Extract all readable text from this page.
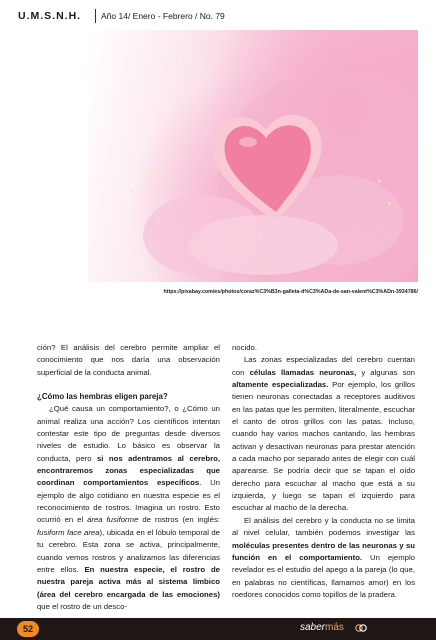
U.M.S.N.H. Año 14/ Enero - Febrero / No. 79
https://pixabay.com/es/photos/coraz%C3%B3n-galleta-d%C3%ADa-de-san-valent%C3%ADn-3934786/

ción? El análisis del cerebro permite ampliar el conocimiento que nos daría una observación superficial de la conducta animal.

¿Cómo las hembras eligen pareja?

¿Qué causa un comportamiento?, o ¿Cómo un animal realiza una acción? Los científicos intentan contestar este tipo de preguntas desde diversos niveles de estudio. Lo básico es observar la conducta, pero si nos adentramos al cerebro, encontraremos zonas especializadas que coordinan comportamientos específicos. Un ejemplo de algo cotidiano en nuestra especie es el reconocimiento de rostros. Imagina un rostro. Esto ocurrió en el área fusiforme de rostros (en inglés: fusiform face area), ubicada en el lóbulo temporal de tu cerebro. Esta zona se activa, principalmente, cuando vemos rostros y analizamos las diferencias entre ellos. En nuestra especie, el rostro de nuestra pareja activa más al sistema límbico (área del cerebro encargada de las emociones) que el rostro de un desco-

nocido.

Las zonas especializadas del cerebro cuentan con células llamadas neuronas, y algunas son altamente especializadas. Por ejemplo, los grillos tienen neuronas conectadas a receptores auditivos en las patas que les permiten, literalmente, escuchar el canto de otros grillos con las patas. Incluso, cuando hay varios machos cantando, las hembras activan y desactivan neuronas para prestar atención a cada macho por separado antes de elegir con cuál aparearse. Se podría decir que se tapan el oído derecho para escuchar al macho que está a su izquierda, y luego se tapan el izquierdo para escuchar al macho de la derecha.

El análisis del cerebro y la conducta no se limita al nivel celular, también podemos investigar las moléculas presentes dentro de las neuronas y su función en el comportamiento. Un ejemplo revelador es el estudio del apego a la pareja (lo que, en palabras no científicas, llamamos amor) en los roedores conocidos como topillos de la pradera.

52	sabermás
